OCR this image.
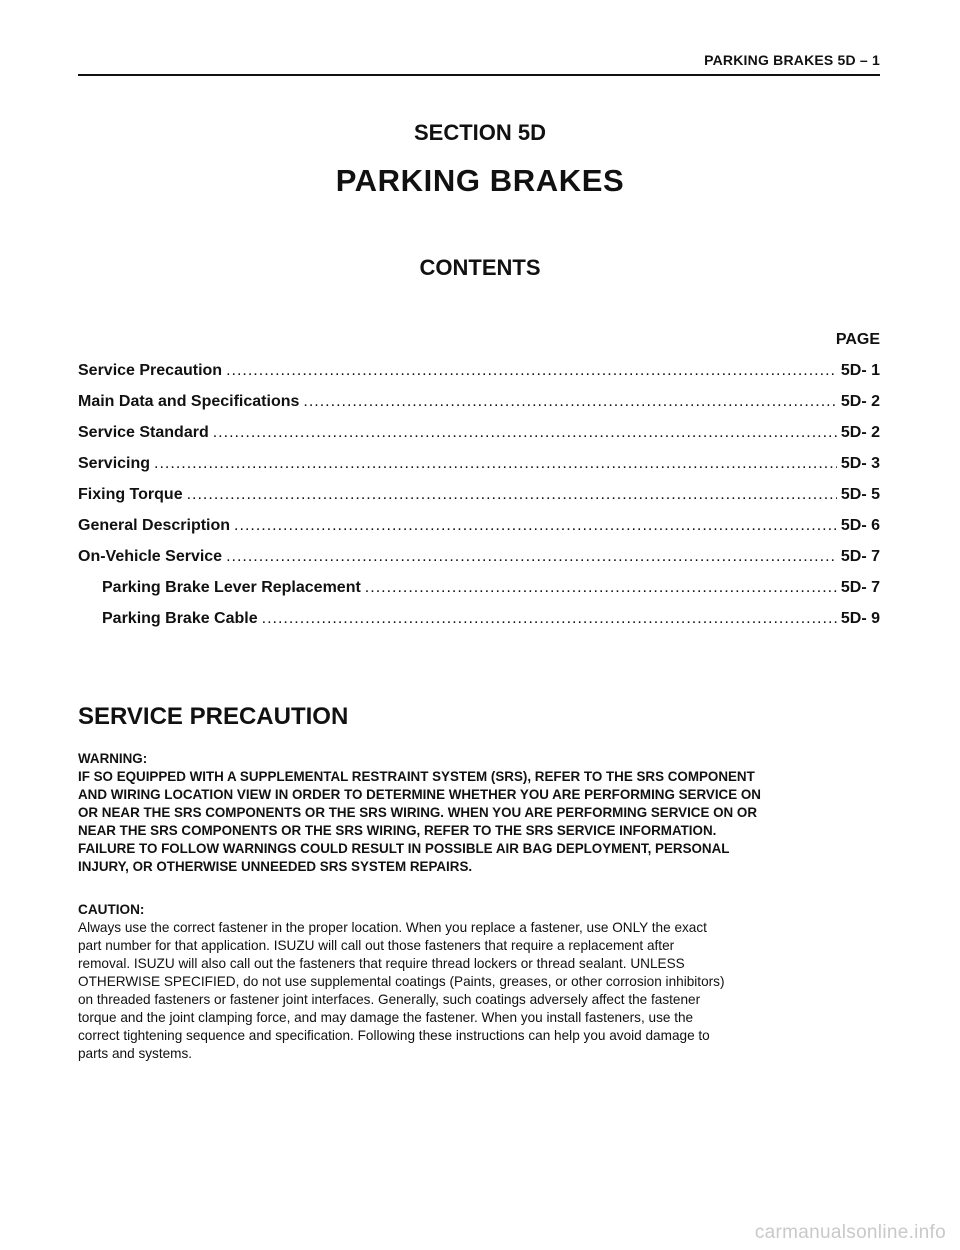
PARKING BRAKES 5D – 1
SECTION 5D
PARKING BRAKES
CONTENTS
PAGE
Service Precaution .....	5D- 1
Main Data and Specifications .....	5D- 2
Service Standard .....	5D- 2
Servicing .....	5D- 3
Fixing Torque .....	5D- 5
General Description .....	5D- 6
On-Vehicle Service .....	5D- 7
Parking Brake Lever Replacement .....	5D- 7
Parking Brake Cable .....	5D- 9
SERVICE PRECAUTION
WARNING:
IF SO EQUIPPED WITH A SUPPLEMENTAL RESTRAINT SYSTEM (SRS), REFER TO THE SRS COMPONENT
AND WIRING LOCATION VIEW IN ORDER TO DETERMINE WHETHER YOU ARE PERFORMING SERVICE ON
OR NEAR THE SRS COMPONENTS OR THE SRS WIRING. WHEN YOU ARE PERFORMING SERVICE ON OR
NEAR THE SRS COMPONENTS OR THE SRS WIRING, REFER TO THE SRS SERVICE INFORMATION.
FAILURE TO FOLLOW WARNINGS COULD RESULT IN POSSIBLE AIR BAG DEPLOYMENT, PERSONAL
INJURY, OR OTHERWISE UNNEEDED SRS SYSTEM REPAIRS.
CAUTION:
Always use the correct fastener in the proper location. When you replace a fastener, use ONLY the exact
part number for that application. ISUZU will call out those fasteners that require a replacement after
removal. ISUZU will also call out the fasteners that require thread lockers or thread sealant. UNLESS
OTHERWISE SPECIFIED, do not use supplemental coatings (Paints, greases, or other corrosion inhibitors)
on threaded fasteners or fastener joint interfaces. Generally, such coatings adversely affect the fastener
torque and the joint clamping force, and may damage the fastener. When you install fasteners, use the
correct tightening sequence and specification. Following these instructions can help you avoid damage to
parts and systems.
carmanualsonline.info
